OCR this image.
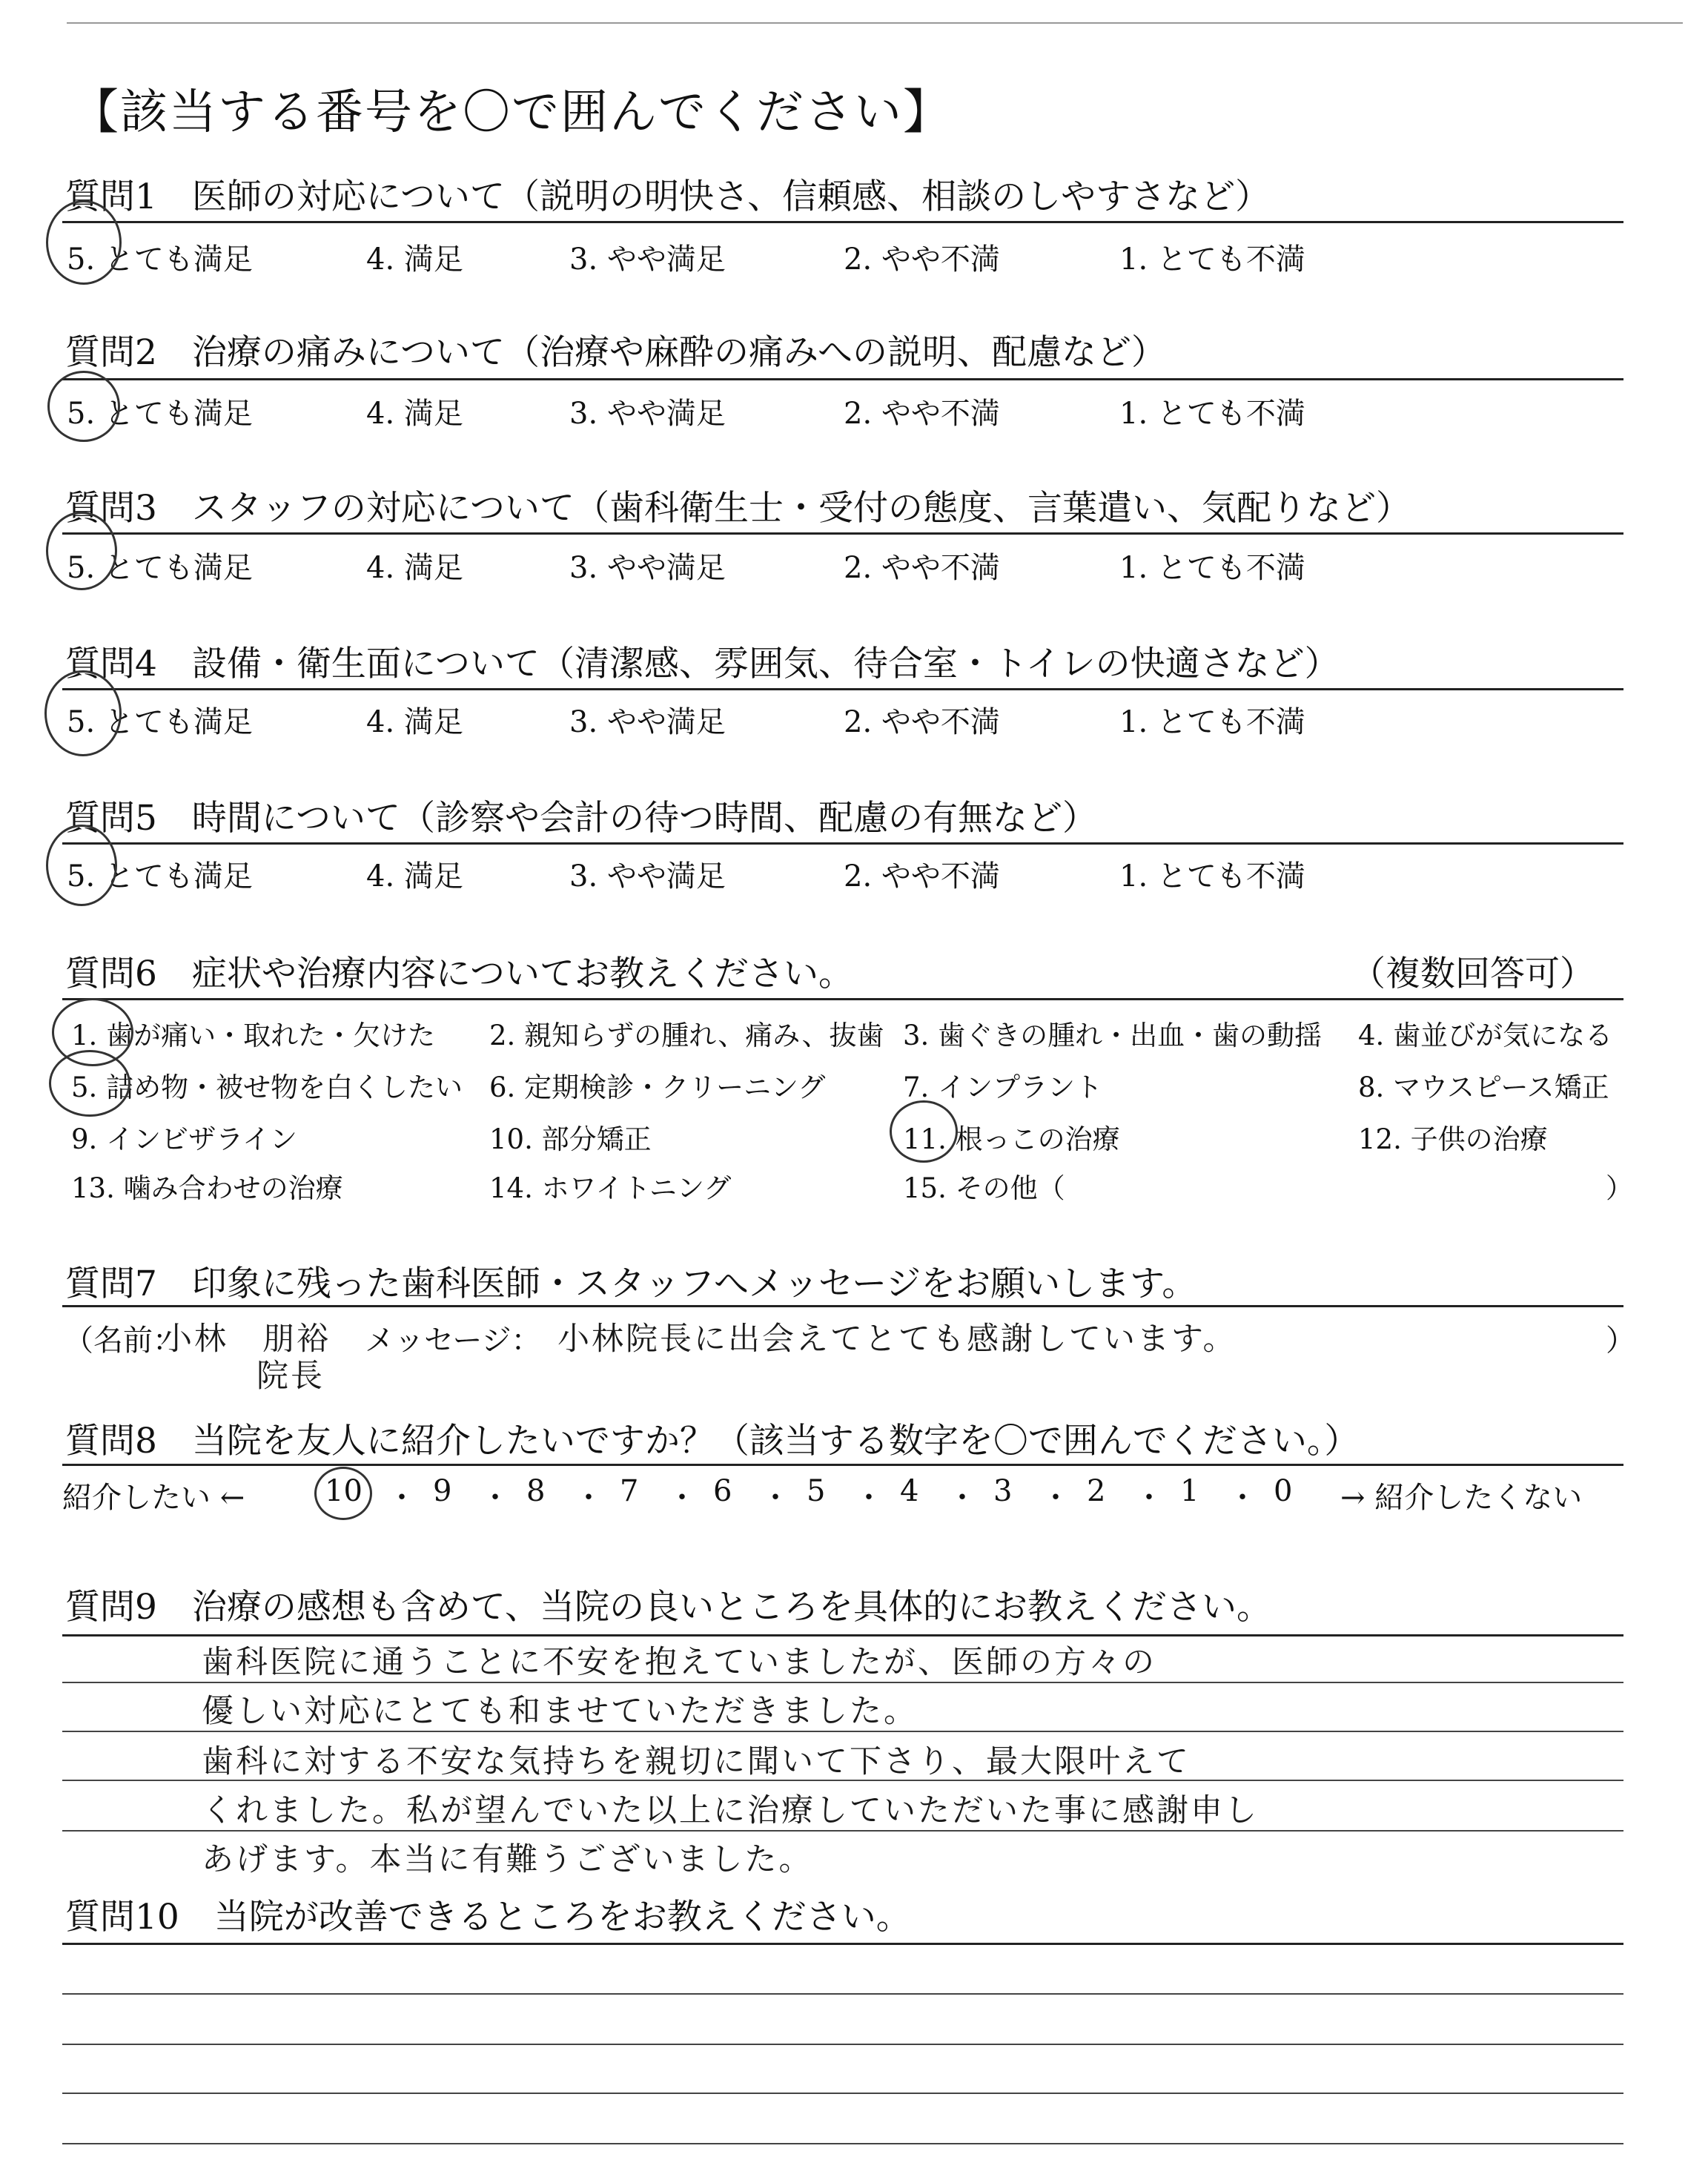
【該当する番号を〇で囲んでください】
質問1　医師の対応について（説明の明快さ、信頼感、相談のしやすさなど）
5. とても満足	4. 満足	3. やや満足	2. やや不満	1. とても不満
質問2　治療の痛みについて（治療や麻酔の痛みへの説明、配慮など）
5. とても満足	4. 満足	3. やや満足	2. やや不満	1. とても不満
質問3　スタッフの対応について（歯科衛生士・受付の態度、言葉遣い、気配りなど）
5. とても満足	4. 満足	3. やや満足	2. やや不満	1. とても不満
質問4　設備・衛生面について（清潔感、雰囲気、待合室・トイレの快適さなど）
5. とても満足	4. 満足	3. やや満足	2. やや不満	1. とても不満
質問5　時間について（診察や会計の待つ時間、配慮の有無など）
5. とても満足	4. 満足	3. やや満足	2. やや不満	1. とても不満
質問6　症状や治療内容についてお教えください。	（複数回答可）
1. 歯が痛い・取れた・欠けた 2. 親知らずの腫れ、痛み、抜歯 3. 歯ぐきの腫れ・出血・歯の動揺 4. 歯並びが気になる
5. 詰め物・被せ物を白くしたい 6. 定期検診・クリーニング	7. インプラント	8. マウスピース矯正
9. インビザライン	10. 部分矯正	11. 根っこの治療	12. 子供の治療
13. 噛み合わせの治療	14. ホワイトニング	15. その他（	）
質問7　印象に残った歯科医師・スタッフへメッセージをお願いします。
（名前：
小林　朋裕
院長
メッセージ： 小林院長に出会えてとても感謝しています。	）
質問8　当院を友人に紹介したいですか？（該当する数字を〇で囲んでください。）
紹介したい ←	10 ・ 9 ・ 8 ・ 7 ・ 6 ・ 5 ・ 4 ・ 3 ・ 2 ・ 1 ・ 0 → 紹介したくない
質問9　治療の感想も含めて、当院の良いところを具体的にお教えください。
歯科医院に通うことに不安を抱えていましたが、医師の方々の
優しい対応にとても和ませていただきました。
歯科に対する不安な気持ちを親切に聞いて下さり、最大限叶えて
くれました。私が望んでいた以上に治療していただいた事に感謝申し
あげます。本当に有難うございました。
質問10　当院が改善できるところをお教えください。
